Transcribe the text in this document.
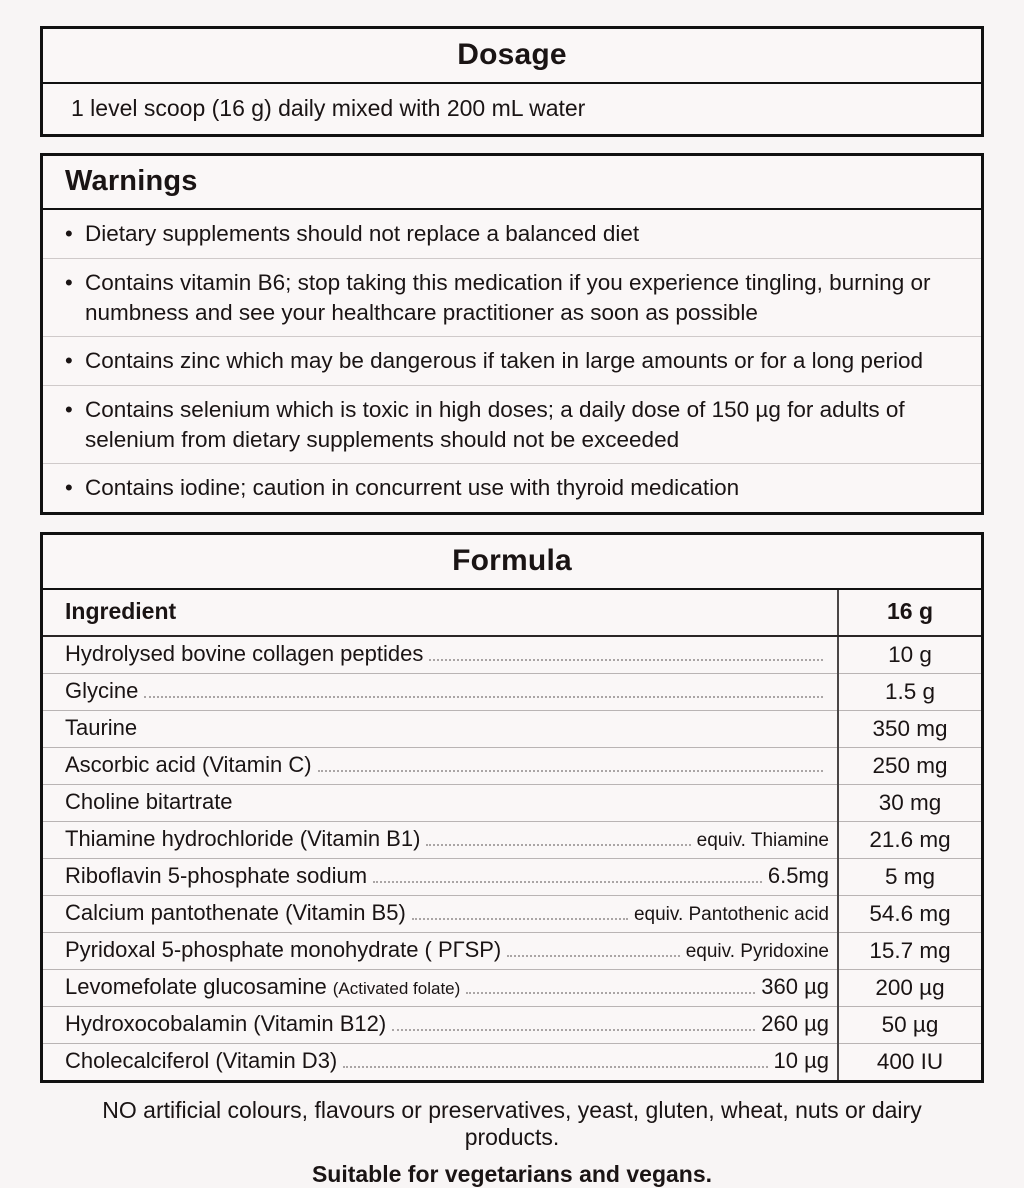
Dosage
1 level scoop (16 g) daily mixed with 200 mL water
Warnings
• Dietary supplements should not replace a balanced diet
• Contains vitamin B6; stop taking this medication if you experience tingling, burning or numbness and see your healthcare practitioner as soon as possible
• Contains zinc which may be dangerous if taken in large amounts or for a long period
• Contains selenium which is toxic in high doses; a daily dose of 150 µg for adults of selenium from dietary supplements should not be exceeded
• Contains iodine; caution in concurrent use with thyroid medication
Formula
Ingredient	16 g

Hydrolysed bovine collagen peptides	10 g

Glycine	1.5 g

Taurine	350 mg

Ascorbic acid (Vitamin C)	250 mg

Choline bitartrate	30 mg

Thiamine hydrochloride (Vitamin B1) equiv. Thiamine	21.6 mg

Riboflavin 5-phosphate sodium 6.5mg	5 mg

Calcium pantothenate (Vitamin B5) equiv. Pantothenic acid	54.6 mg

Pyridoxal 5-phosphate monohydrate ( PГSP) equiv. Pyridoxine	15.7 mg

Levomefolate glucosamine (Activated folate) 360 µg	200 µg

Hydroxocobalamin (Vitamin B12) 260 µg	50 µg

Cholecalciferol (Vitamin D3) 10 µg	400 IU
NO artificial colours, flavours or preservatives, yeast, gluten, wheat, nuts or dairy products.
Suitable for vegetarians and vegans.
